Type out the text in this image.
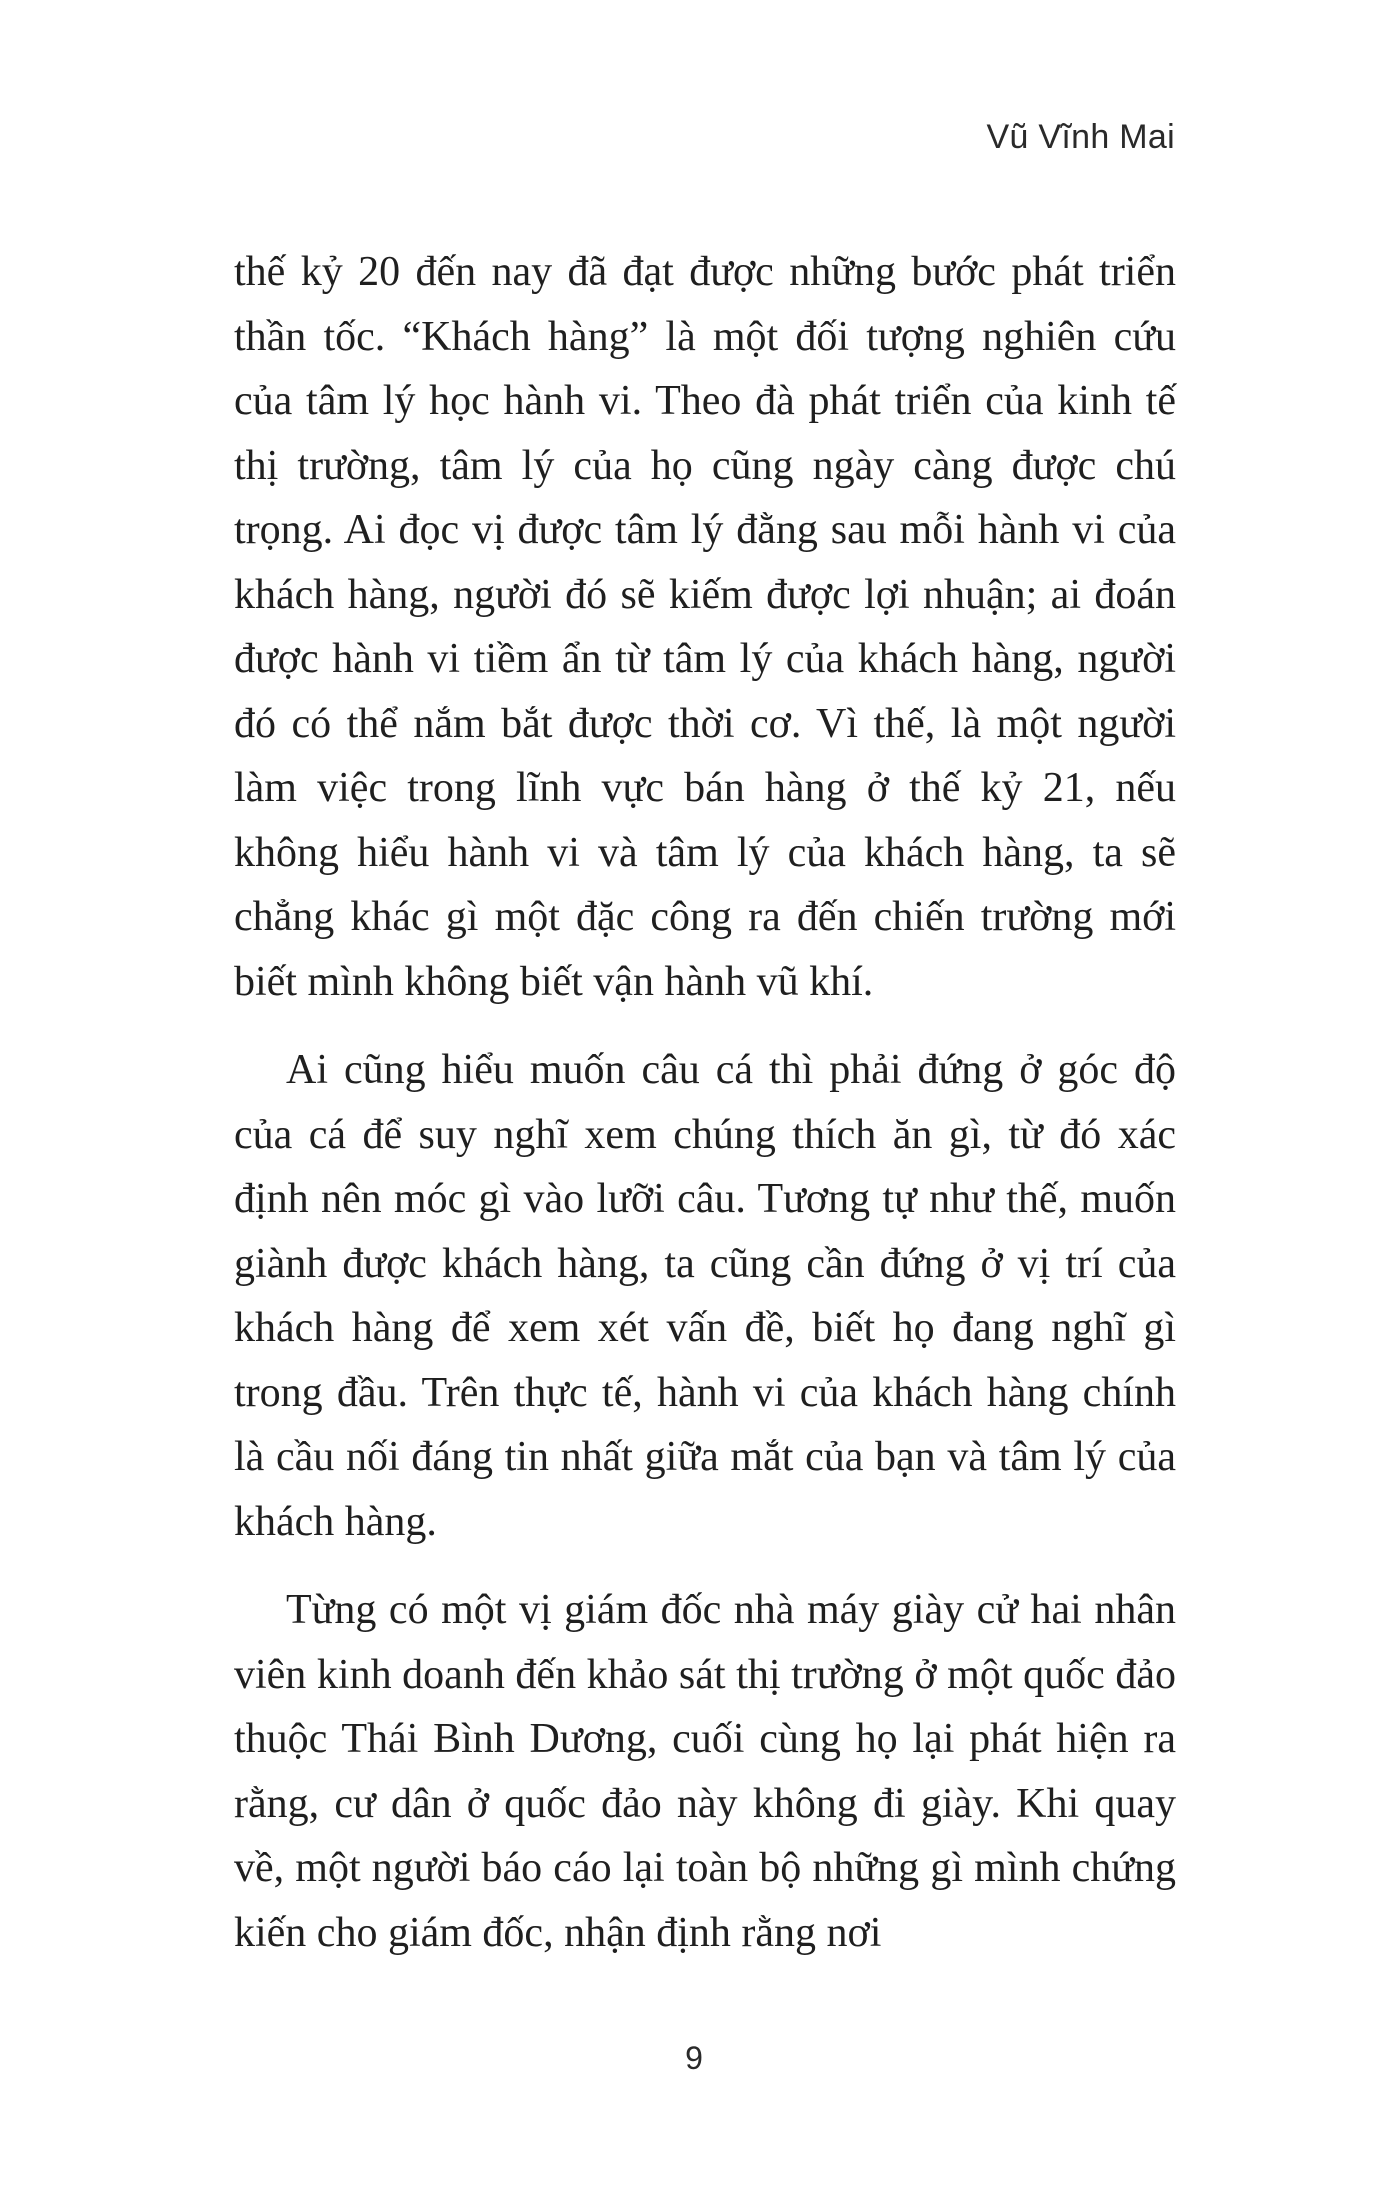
Vũ Vĩnh Mai

thế kỷ 20 đến nay đã đạt được những bước phát triển thần tốc. “Khách hàng” là một đối tượng nghiên cứu của tâm lý học hành vi. Theo đà phát triển của kinh tế thị trường, tâm lý của họ cũng ngày càng được chú trọng. Ai đọc vị được tâm lý đằng sau mỗi hành vi của khách hàng, người đó sẽ kiếm được lợi nhuận; ai đoán được hành vi tiềm ẩn từ tâm lý của khách hàng, người đó có thể nắm bắt được thời cơ. Vì thế, là một người làm việc trong lĩnh vực bán hàng ở thế kỷ 21, nếu không hiểu hành vi và tâm lý của khách hàng, ta sẽ chẳng khác gì một đặc công ra đến chiến trường mới biết mình không biết vận hành vũ khí.

Ai cũng hiểu muốn câu cá thì phải đứng ở góc độ của cá để suy nghĩ xem chúng thích ăn gì, từ đó xác định nên móc gì vào lưỡi câu. Tương tự như thế, muốn giành được khách hàng, ta cũng cần đứng ở vị trí của khách hàng để xem xét vấn đề, biết họ đang nghĩ gì trong đầu. Trên thực tế, hành vi của khách hàng chính là cầu nối đáng tin nhất giữa mắt của bạn và tâm lý của khách hàng.

Từng có một vị giám đốc nhà máy giày cử hai nhân viên kinh doanh đến khảo sát thị trường ở một quốc đảo thuộc Thái Bình Dương, cuối cùng họ lại phát hiện ra rằng, cư dân ở quốc đảo này không đi giày. Khi quay về, một người báo cáo lại toàn bộ những gì mình chứng kiến cho giám đốc, nhận định rằng nơi

9
